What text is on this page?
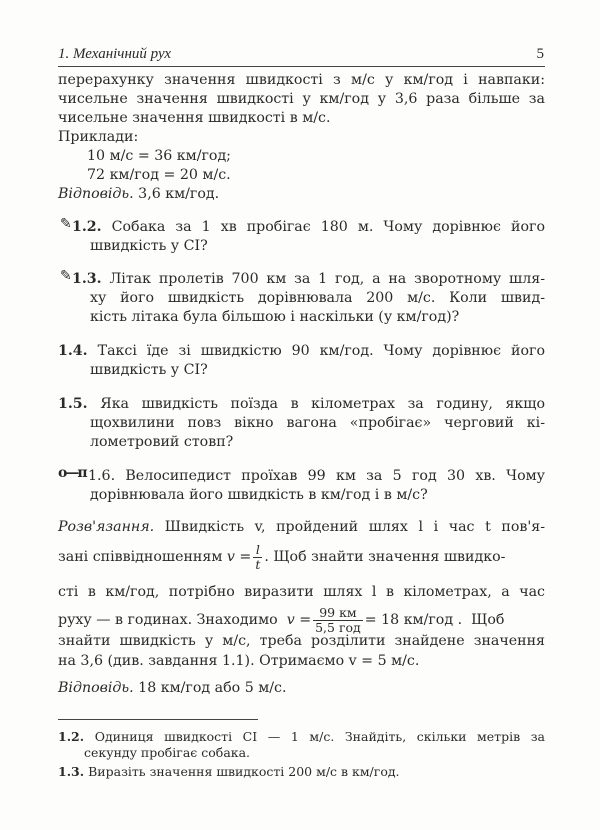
1. Механічний рух	5
перерахунку значення швидкості з м/с у км/год і навпаки:
чисельне значення швидкості у км/год у 3,6 раза більше за
чисельне значення швидкості в м/с.
Приклади:
10 м/с = 36 км/год;
72 км/год = 20 м/с.
Відповідь. 3,6 км/год.
✎ 1.2. Собака за 1 хв пробігає 180 м. Чому дорівнює його
швидкість у СІ?
✎ 1.3. Літак пролетів 700 км за 1 год, а на зворотному шля-
ху його швидкість дорівнювала 200 м/с. Коли швид-
кість літака була більшою і наскільки (у км/год)?
1.4. Таксі їде зі швидкістю 90 км/год. Чому дорівнює його
швидкість у СІ?
1.5. Яка швидкість поїзда в кілометрах за годину, якщо
щохвилини повз вікно вагона «пробігає» черговий кі-
лометровий стовп?
o—π 1.6. Велосипедист проїхав 99 км за 5 год 30 хв. Чому
дорівнювала його швидкість в км/год і в м/с?
Розв'язання. Швидкість v, пройдений шлях l і час t пов'я-
зані співвідношенням $v = \frac{l}{t}$ . Щоб знайти значення швидко-
сті в км/год, потрібно виразити шлях l в кілометрах, а час
руху — в годинах. Знаходимо $v = \frac{99 км}{\text{5,5 год}} = 18$ км/год . Щоб
знайти швидкість у м/с, треба розділити знайдене значення
на 3,6 (див. завдання 1.1). Отримаємо v = 5 м/с.
Відповідь. 18 км/год або 5 м/с.
1.2. Одиниця швидкості СІ — 1 м/с. Знайдіть, скільки метрів за
секунду пробігає собака.
1.3. Виразіть значення швидкості 200 м/с в км/год.
